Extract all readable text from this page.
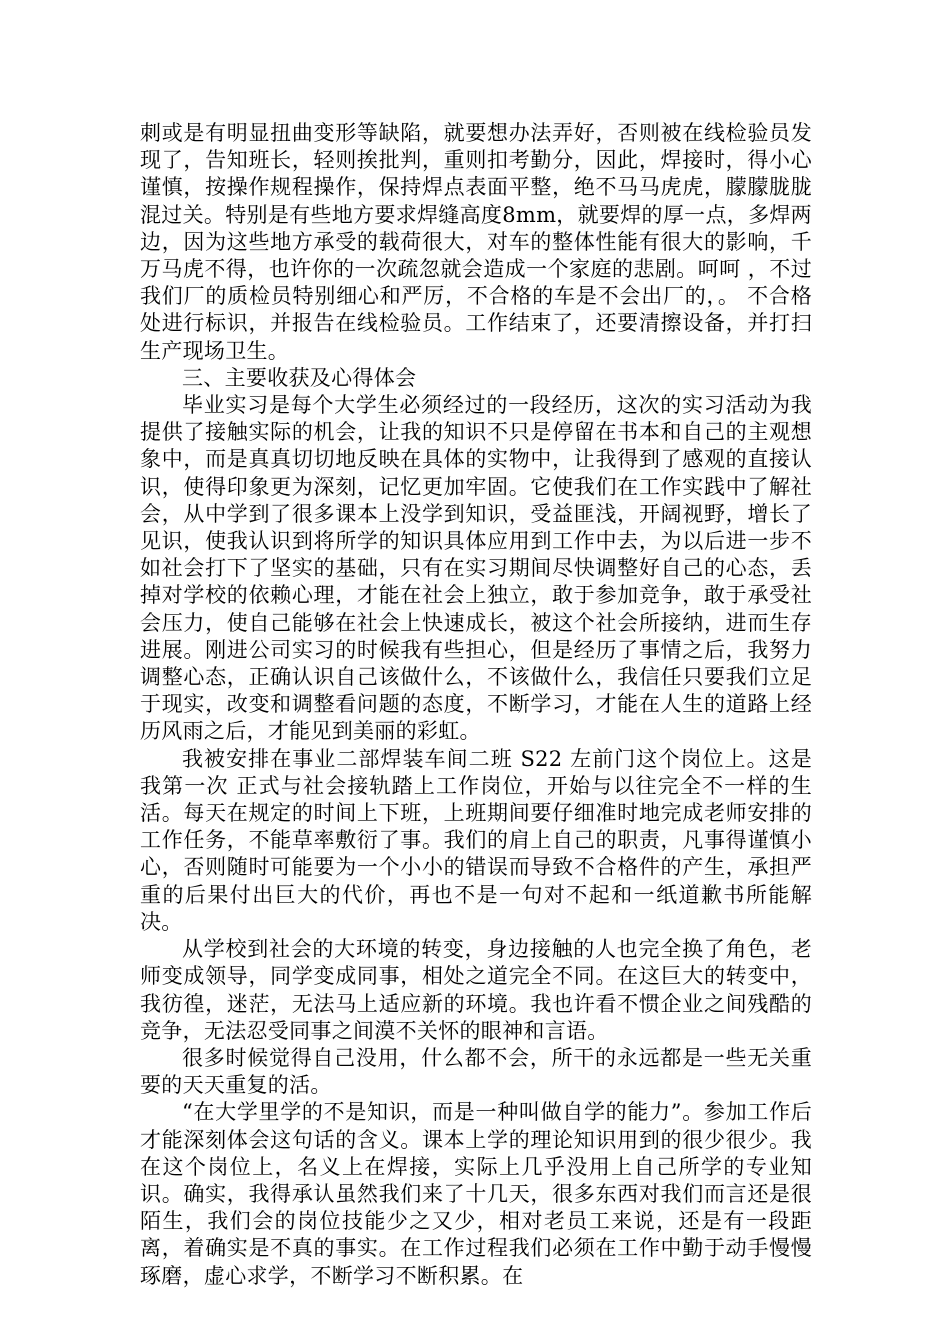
刺或是有明显扭曲变形等缺陷，就要想办法弄好，否则被在线检验员发现了，告知班长，轻则挨批判，重则扣考勤分，因此，焊接时，得小心谨慎，按操作规程操作，保持焊点表面平整，绝不马马虎虎，朦朦胧胧混过关。特别是有些地方要求焊缝高度8mm，就要焊的厚一点，多焊两边，因为这些地方承受的载荷很大，对车的整体性能有很大的影响，千万马虎不得，也许你的一次疏忽就会造成一个家庭的悲剧。呵呵 ，不过我们厂的质检员特别细心和严厉，不合格的车是不会出厂的，。 不合格处进行标识，并报告在线检验员。工作结束了，还要清擦设备，并打扫生产现场卫生。

三、主要收获及心得体会

毕业实习是每个大学生必须经过的一段经历，这次的实习活动为我提供了接触实际的机会，让我的知识不只是停留在书本和自己的主观想象中，而是真真切切地反映在具体的实物中，让我得到了感观的直接认识，使得印象更为深刻，记忆更加牢固。它使我们在工作实践中了解社会，从中学到了很多课本上没学到知识，受益匪浅，开阔视野，增长了见识，使我认识到将所学的知识具体应用到工作中去，为以后进一步不如社会打下了坚实的基础，只有在实习期间尽快调整好自己的心态，丢掉对学校的依赖心理，才能在社会上独立，敢于参加竞争，敢于承受社会压力，使自己能够在社会上快速成长，被这个社会所接纳，进而生存进展。刚进公司实习的时候我有些担心，但是经历了事情之后，我努力调整心态，正确认识自己该做什么，不该做什么，我信任只要我们立足于现实，改变和调整看问题的态度，不断学习，才能在人生的道路上经历风雨之后，才能见到美丽的彩虹。

我被安排在事业二部焊装车间二班 S22 左前门这个岗位上。这是我第一次 正式与社会接轨踏上工作岗位，开始与以往完全不一样的生活。每天在规定的时间上下班，上班期间要仔细准时地完成老师安排的工作任务，不能草率敷衍了事。我们的肩上自己的职责，凡事得谨慎小心，否则随时可能要为一个小小的错误而导致不合格件的产生，承担严重的后果付出巨大的代价，再也不是一句对不起和一纸道歉书所能解决。

从学校到社会的大环境的转变，身边接触的人也完全换了角色，老师变成领导，同学变成同事，相处之道完全不同。在这巨大的转变中，我彷徨，迷茫，无法马上适应新的环境。我也许看不惯企业之间残酷的竞争，无法忍受同事之间漠不关怀的眼神和言语。

很多时候觉得自己没用，什么都不会，所干的永远都是一些无关重要的天天重复的活。

“在大学里学的不是知识，而是一种叫做自学的能力”。参加工作后才能深刻体会这句话的含义。课本上学的理论知识用到的很少很少。我在这个岗位上，名义上在焊接，实际上几乎没用上自己所学的专业知识。确实，我得承认虽然我们来了十几天，很多东西对我们而言还是很陌生，我们会的岗位技能少之又少，相对老员工来说，还是有一段距离，着确实是不真的事实。在工作过程我们必须在工作中勤于动手慢慢琢磨，虚心求学，不断学习不断积累。在
